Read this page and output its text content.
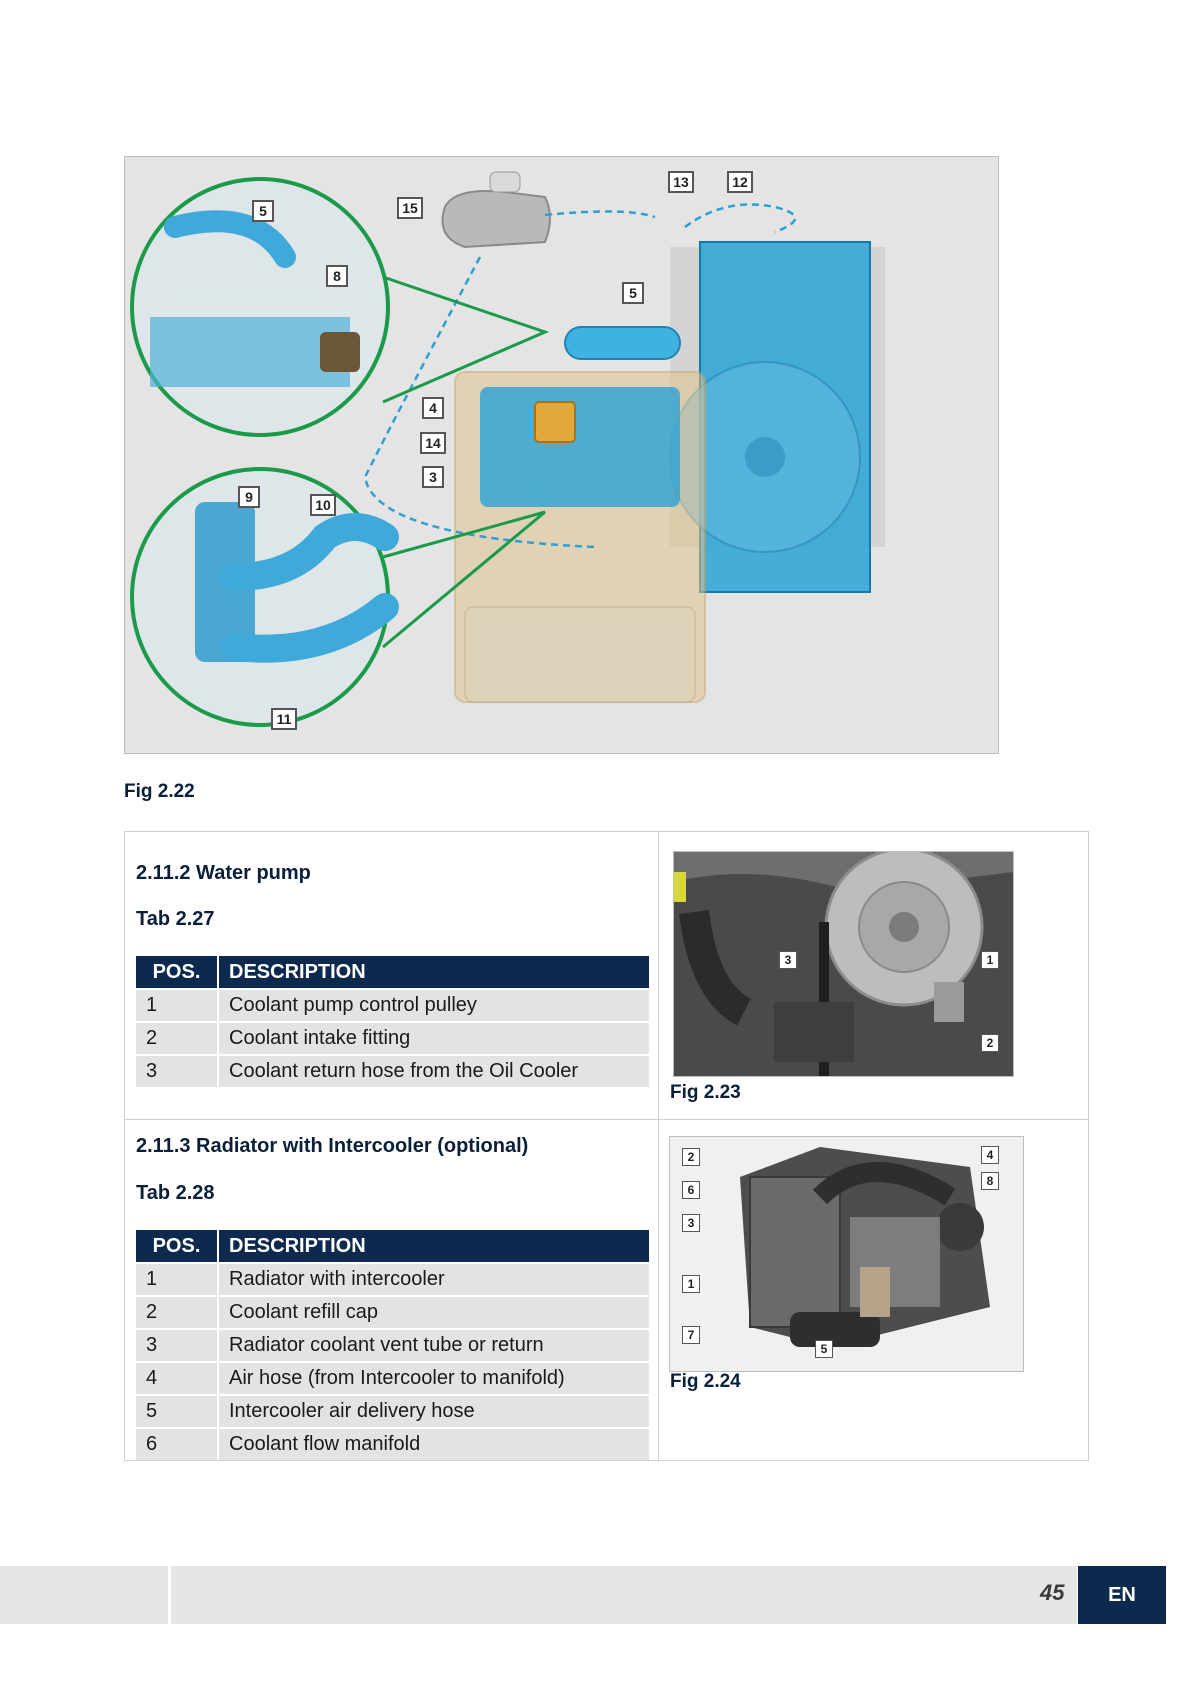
5
8
15
13	12
5
4
14
3
9	10
11
Fig 2.22
2.11.2 Water pump
Tab 2.27
POS.	DESCRIPTION
1	Coolant pump control pulley
2	Coolant intake fitting
3	Coolant return hose from the Oil Cooler
3	1
2
Fig 2.23
2.11.3 Radiator with Intercooler (optional)
Tab 2.28
POS.	DESCRIPTION
1	Radiator with intercooler
2	Coolant refill cap
3	Radiator coolant vent tube or return
4	Air hose (from Intercooler to manifold)
5	Intercooler air delivery hose
6	Coolant flow manifold
2
6
3
1
7
4
8
5
Fig 2.24
45	EN
